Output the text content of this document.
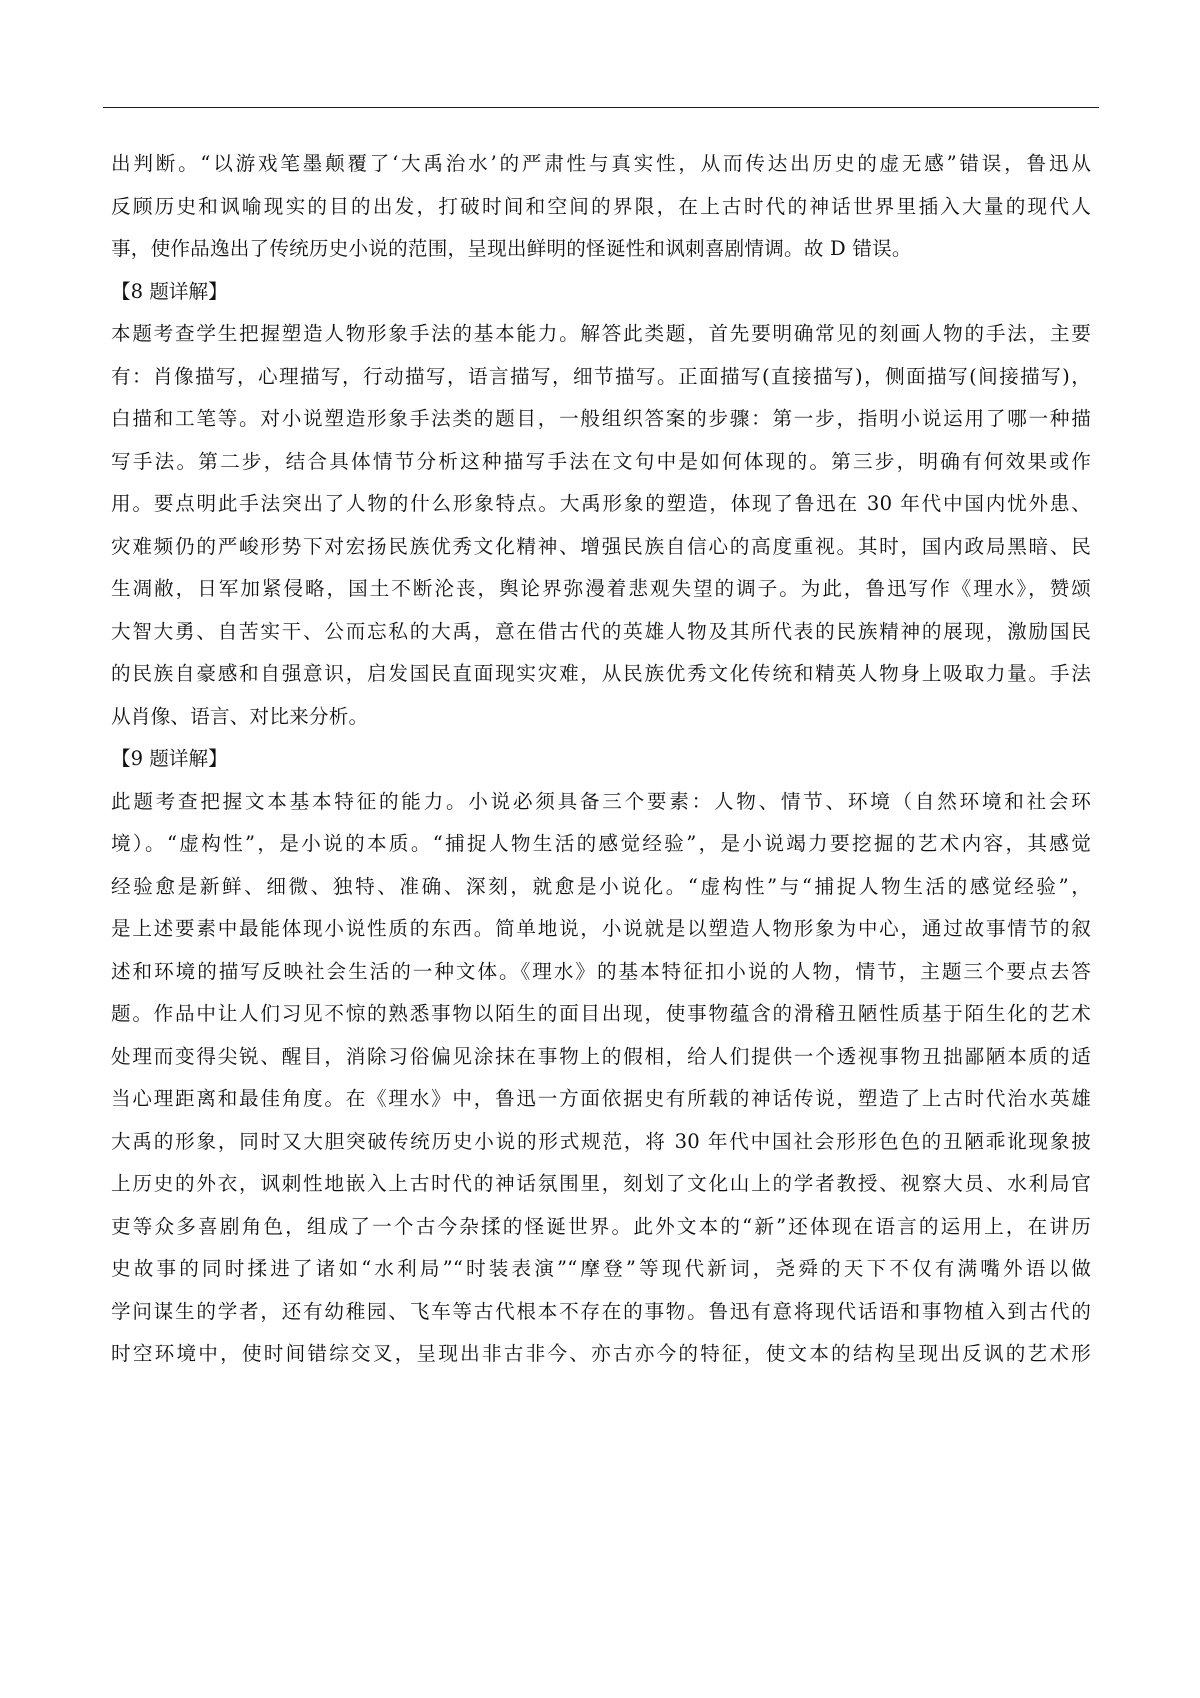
出判断。“以游戏笔墨颠覆了‘大禹治水’的严肃性与真实性，从而传达出历史的虚无感”错误，鲁迅从
反顾历史和讽喻现实的目的出发，打破时间和空间的界限，在上古时代的神话世界里插入大量的现代人
事，使作品逸出了传统历史小说的范围，呈现出鲜明的怪诞性和讽刺喜剧情调。故 D 错误。
【8 题详解】
本题考查学生把握塑造人物形象手法的基本能力。解答此类题，首先要明确常见的刻画人物的手法，主要
有：肖像描写，心理描写，行动描写，语言描写，细节描写。正面描写(直接描写)，侧面描写(间接描写)，
白描和工笔等。对小说塑造形象手法类的题目，一般组织答案的步骤：第一步，指明小说运用了哪一种描
写手法。第二步，结合具体情节分析这种描写手法在文句中是如何体现的。第三步，明确有何效果或作
用。要点明此手法突出了人物的什么形象特点。大禹形象的塑造，体现了鲁迅在 30 年代中国内忧外患、
灾难频仍的严峻形势下对宏扬民族优秀文化精神、增强民族自信心的高度重视。其时，国内政局黑暗、民
生凋敝，日军加紧侵略，国土不断沦丧，舆论界弥漫着悲观失望的调子。为此，鲁迅写作《理水》，赞颂
大智大勇、自苦实干、公而忘私的大禹，意在借古代的英雄人物及其所代表的民族精神的展现，激励国民
的民族自豪感和自强意识，启发国民直面现实灾难，从民族优秀文化传统和精英人物身上吸取力量。手法
从肖像、语言、对比来分析。
【9 题详解】
此题考查把握文本基本特征的能力。小说必须具备三个要素：人物、情节、环境（自然环境和社会环
境）。“虚构性”，是小说的本质。“捕捉人物生活的感觉经验”，是小说竭力要挖掘的艺术内容，其感觉
经验愈是新鲜、细微、独特、准确、深刻，就愈是小说化。“虚构性”与“捕捉人物生活的感觉经验”，
是上述要素中最能体现小说性质的东西。简单地说，小说就是以塑造人物形象为中心，通过故事情节的叙
述和环境的描写反映社会生活的一种文体。《理水》的基本特征扣小说的人物，情节，主题三个要点去答
题。作品中让人们习见不惊的熟悉事物以陌生的面目出现，使事物蕴含的滑稽丑陋性质基于陌生化的艺术
处理而变得尖锐、醒目，消除习俗偏见涂抹在事物上的假相，给人们提供一个透视事物丑拙鄙陋本质的适
当心理距离和最佳角度。在《理水》中，鲁迅一方面依据史有所载的神话传说，塑造了上古时代治水英雄
大禹的形象，同时又大胆突破传统历史小说的形式规范，将 30 年代中国社会形形色色的丑陋乖讹现象披
上历史的外衣，讽刺性地嵌入上古时代的神话氛围里，刻划了文化山上的学者教授、视察大员、水利局官
吏等众多喜剧角色，组成了一个古今杂揉的怪诞世界。此外文本的“新”还体现在语言的运用上，在讲历
史故事的同时揉进了诸如“水利局”“时装表演”“摩登”等现代新词，尧舜的天下不仅有满嘴外语以做
学问谋生的学者，还有幼稚园、飞车等古代根本不存在的事物。鲁迅有意将现代话语和事物植入到古代的
时空环境中，使时间错综交叉，呈现出非古非今、亦古亦今的特征，使文本的结构呈现出反讽的艺术形
